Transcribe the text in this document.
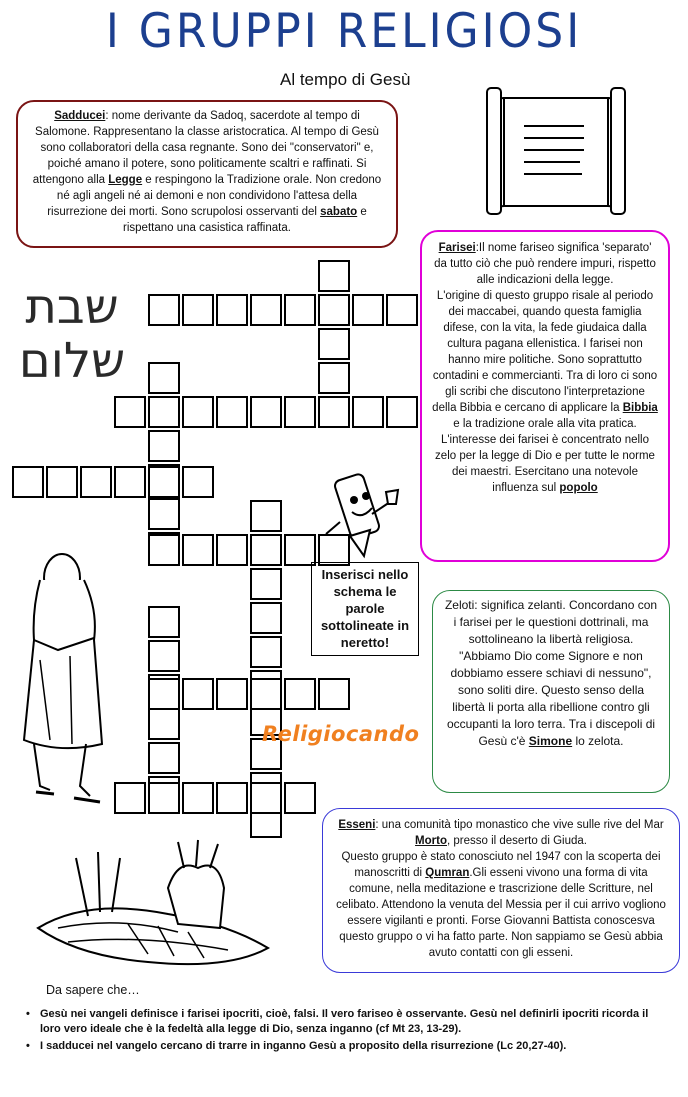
I GRUPPI RELIGIOSI
Al tempo di Gesù
Sadducei: nome derivante da Sadoq, sacerdote al tempo di Salomone. Rappresentano la classe aristocratica. Al tempo di Gesù sono collaboratori della casa regnante. Sono dei "conservatori" e, poiché amano il potere, sono politicamente scaltri e raffinati. Si attengono alla Legge e respingono la Tradizione orale. Non credono né agli angeli né ai demoni e non condividono l'attesa della risurrezione dei morti. Sono scrupolosi osservanti del sabato e rispettano una casistica raffinata.
Farisei:Il nome fariseo significa 'separato' da tutto ciò che può rendere impuri, rispetto alle indicazioni della legge.
L'origine di questo gruppo risale al periodo dei maccabei, quando questa famiglia difese, con la vita, la fede giudaica dalla cultura pagana ellenistica. I farisei non hanno mire politiche. Sono soprattutto contadini e commercianti. Tra di loro ci sono gli scribi che discutono l'interpretazione della Bibbia e cercano di applicare la Bibbia e la tradizione orale alla vita pratica.
L'interesse dei farisei è concentrato nello zelo per la legge di Dio e per tutte le norme dei maestri. Esercitano una notevole influenza sul popolo
שבת
שלום
Inserisci nello schema le parole sottolineate in neretto!
Zeloti: significa zelanti. Concordano con i farisei per le questioni dottrinali, ma sottolineano la libertà religiosa. "Abbiamo Dio come Signore e non dobbiamo essere schiavi di nessuno", sono soliti dire. Questo senso della libertà li porta alla ribellione contro gli occupanti la loro terra. Tra i discepoli di Gesù c'è Simone lo zelota.
Religiocando
Esseni: una comunità tipo monastico che vive sulle rive del Mar Morto, presso il deserto di Giuda.
Questo gruppo è stato conosciuto nel 1947 con la scoperta dei manoscritti di Qumran.Gli esseni vivono una forma di vita comune, nella meditazione e trascrizione delle Scritture, nel celibato. Attendono la venuta del Messia per il cui arrivo vogliono essere vigilanti e pronti. Forse Giovanni Battista conoscesva questo gruppo o vi ha fatto parte. Non sappiamo se Gesù abbia avuto contatti con gli esseni.
Da sapere che…
• Gesù nei vangeli definisce i farisei ipocriti, cioè, falsi. Il vero fariseo è osservante. Gesù nel definirli ipocriti ricorda il loro vero ideale che è la fedeltà alla legge di Dio, senza inganno (cf Mt 23, 13-29).
• I sadducei nel vangelo cercano di trarre in inganno Gesù a proposito della risurrezione (Lc 20,27-40).
